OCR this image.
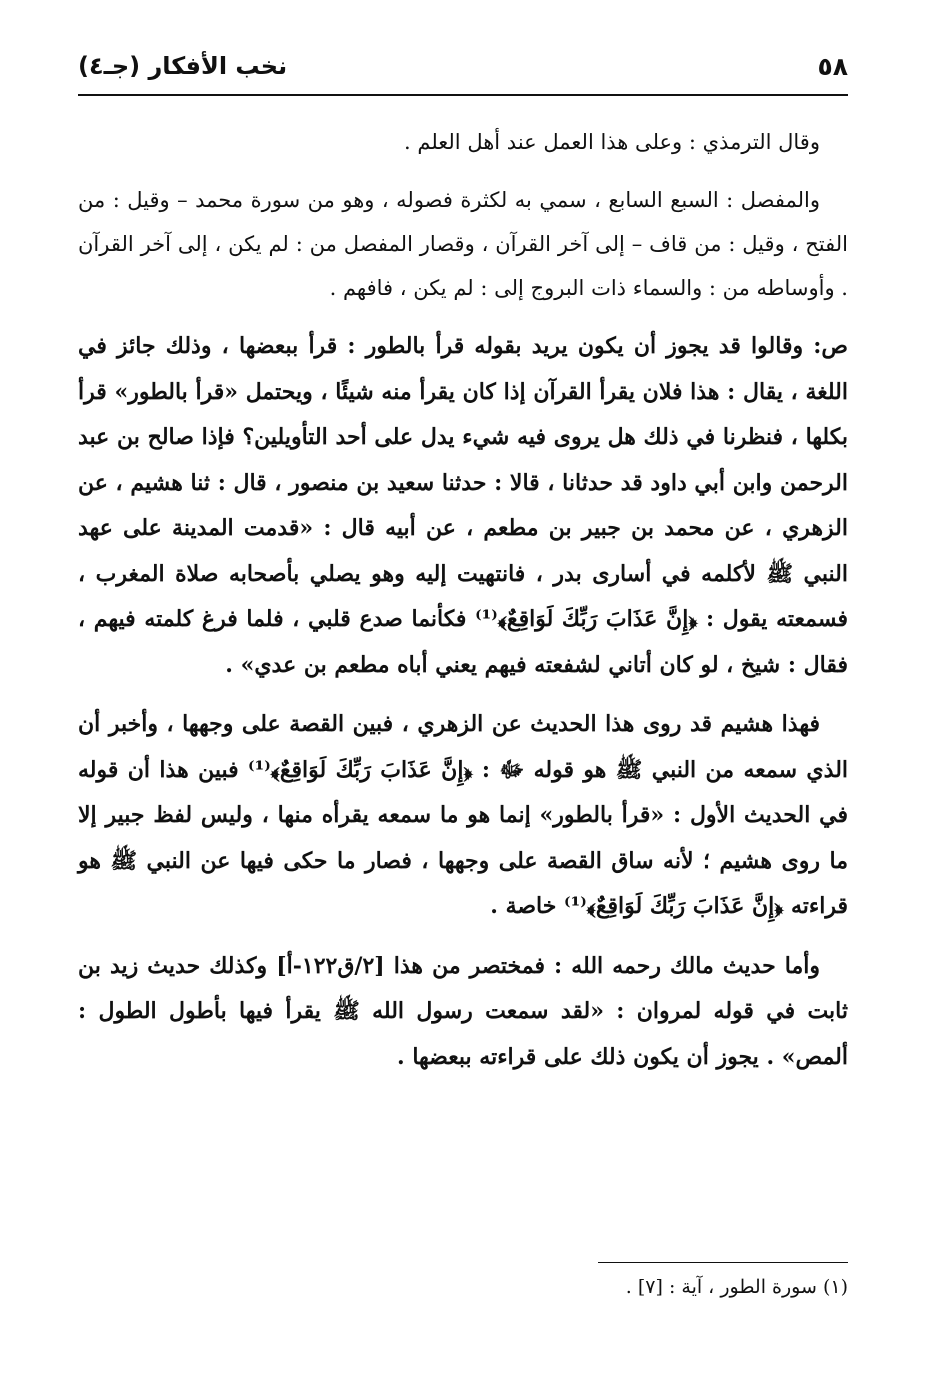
٥٨
نخب الأفكار (جـ٤)

وقال الترمذي : وعلى هذا العمل عند أهل العلم .

والمفصل : السبع السابع ، سمي به لكثرة فصوله ، وهو من سورة محمد – وقيل : من الفتح ، وقيل : من قاف – إلى آخر القرآن ، وقصار المفصل من : لم يكن ، إلى آخر القرآن . وأوساطه من : والسماء ذات البروج إلى : لم يكن ، فافهم .

ص: وقالوا قد يجوز أن يكون يريد بقوله قرأ بالطور : قرأ ببعضها ، وذلك جائز في اللغة ، يقال : هذا فلان يقرأ القرآن إذا كان يقرأ منه شيئًا ، ويحتمل «قرأ بالطور» قرأ بكلها ، فنظرنا في ذلك هل يروى فيه شيء يدل على أحد التأويلين؟ فإذا صالح بن عبد الرحمن وابن أبي داود قد حدثانا ، قالا : حدثنا سعيد بن منصور ، قال : ثنا هشيم ، عن الزهري ، عن محمد بن جبير بن مطعم ، عن أبيه قال : «قدمت المدينة على عهد النبي ﷺ لأكلمه في أسارى بدر ، فانتهيت إليه وهو يصلي بأصحابه صلاة المغرب ، فسمعته يقول : ﴿إِنَّ عَذَابَ رَبِّكَ لَوَاقِعٌ﴾⁽¹⁾ فكأنما صدع قلبي ، فلما فرغ كلمته فيهم ، فقال : شيخ ، لو كان أتاني لشفعته فيهم يعني أباه مطعم بن عدي» .

فهذا هشيم قد روى هذا الحديث عن الزهري ، فبين القصة على وجهها ، وأخبر أن الذي سمعه من النبي ﷺ هو قوله ﷻ : ﴿إِنَّ عَذَابَ رَبِّكَ لَوَاقِعٌ﴾⁽¹⁾ فبين هذا أن قوله في الحديث الأول : «قرأ بالطور» إنما هو ما سمعه يقرأه منها ، وليس لفظ جبير إلا ما روى هشيم ؛ لأنه ساق القصة على وجهها ، فصار ما حكى فيها عن النبي ﷺ هو قراءته ﴿إِنَّ عَذَابَ رَبِّكَ لَوَاقِعٌ﴾⁽¹⁾ خاصة .

وأما حديث مالك رحمه الله : فمختصر من هذا [٢/ق١٢٢-أ] وكذلك حديث زيد بن ثابت في قوله لمروان : «لقد سمعت رسول الله ﷺ يقرأ فيها بأطول الطول : ألمص» . يجوز أن يكون ذلك على قراءته ببعضها .

(١) سورة الطور ، آية : [٧] .
